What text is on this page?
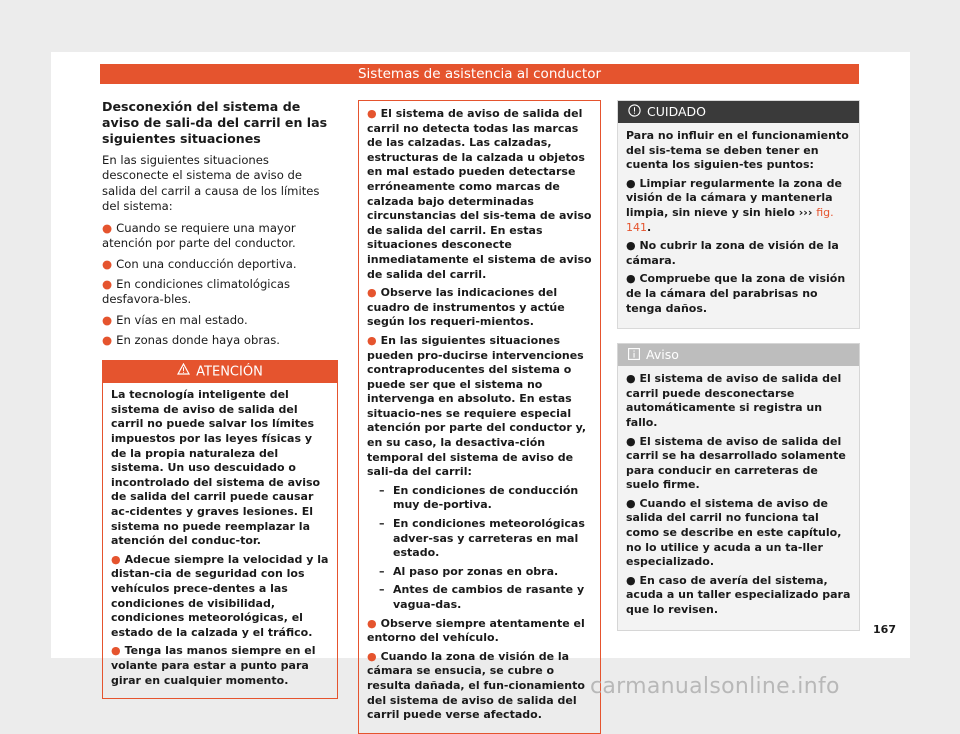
Sistemas de asistencia al conductor
Desconexión del sistema de aviso de sali-da del carril en las siguientes situaciones

En las siguientes situaciones desconecte el sistema de aviso de salida del carril a causa de los límites del sistema:

● Cuando se requiere una mayor atención por parte del conductor.
● Con una conducción deportiva.
● En condiciones climatológicas desfavora-bles.
● En vías en mal estado.
● En zonas donde haya obras.
ATENCIÓN

La tecnología inteligente del sistema de aviso de salida del carril no puede salvar los límites impuestos por las leyes físicas y de la propia naturaleza del sistema. Un uso descuidado o incontrolado del sistema de aviso de salida del carril puede causar ac-cidentes y graves lesiones. El sistema no puede reemplazar la atención del conduc-tor.

● Adecue siempre la velocidad y la distan-cia de seguridad con los vehículos prece-dentes a las condiciones de visibilidad, condiciones meteorológicas, el estado de la calzada y el tráfico.

● Tenga las manos siempre en el volante para estar a punto para girar en cualquier momento.

● El sistema de aviso de salida del carril no detecta todas las marcas de las calzadas. Las calzadas, estructuras de la calzada u objetos en mal estado pueden detectarse erróneamente como marcas de calzada bajo determinadas circunstancias del sis-tema de aviso de salida del carril. En estas situaciones desconecte inmediatamente el sistema de aviso de salida del carril.

● Observe las indicaciones del cuadro de instrumentos y actúe según los requeri-mientos.

● En las siguientes situaciones pueden pro-ducirse intervenciones contraproducentes del sistema o puede ser que el sistema no intervenga en absoluto. En estas situacio-nes se requiere especial atención por parte del conductor y, en su caso, la desactiva-ción temporal del sistema de aviso de sali-da del carril:

– En condiciones de conducción muy de-portiva.
– En condiciones meteorológicas adver-sas y carreteras en mal estado.
– Al paso por zonas en obra.
– Antes de cambios de rasante y vagua-das.

● Observe siempre atentamente el entorno del vehículo.

● Cuando la zona de visión de la cámara se ensucia, se cubre o resulta dañada, el fun-cionamiento del sistema de aviso de salida del carril puede verse afectado.

CUIDADO

Para no influir en el funcionamiento del sis-tema se deben tener en cuenta los siguien-tes puntos:

● Limpiar regularmente la zona de visión de la cámara y mantenerla limpia, sin nieve y sin hielo ››› fig. 141.

● No cubrir la zona de visión de la cámara.

● Compruebe que la zona de visión de la cámara del parabrisas no tenga daños.

Aviso

● El sistema de aviso de salida del carril puede desconectarse automáticamente si registra un fallo.

● El sistema de aviso de salida del carril se ha desarrollado solamente para conducir en carreteras de suelo firme.

● Cuando el sistema de aviso de salida del carril no funciona tal como se describe en este capítulo, no lo utilice y acuda a un ta-ller especializado.

● En caso de avería del sistema, acuda a un taller especializado para que lo revisen.

167
carmanualsonline.info
